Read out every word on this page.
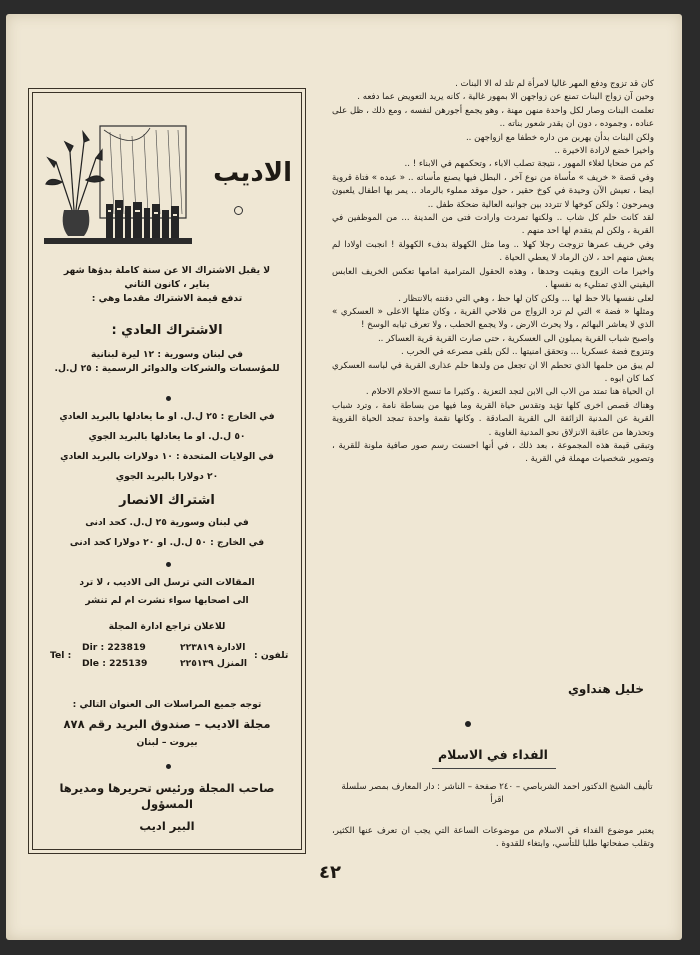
كان قد تزوج ودفع المهر غاليا لامرأة لم تلد له الا البنات .

وحين آن زواج البنات تمنع عن زواجهن الا بمهور غالية ، كانه يريد التعويض عما دفعه .

تعلمت البنات وصار لكل واحدة منهن مهنة ، وهو يجمع أجورهن لنفسه ، ومع ذلك ، ظل على عناده ، وجموده ، دون ان يقدر شعور بناته ..

ولكن البنات بدأن يهربن من داره خطفا مع ازواجهن ..

واخيرا خضع لارادة الاخيرة ..

كم من ضحايا لغلاء المهور ، نتيجة تصلب الاباء ، وتحكمهم في الابناء ! ..

وفي قصة « خريف » مأساة من نوع آخر ، البطل فيها يصنع مأساته .. « عبده » فتاة قروية ايضا ، تعيش الآن وحيدة في كوخ حقير ، حول موقد مملوء بالرماد .. يمر بها اطفال يلعبون ويمرحون : ولكن كوخها لا تتردد بين جوانبه العالية ضحكة طفل ..

لقد كانت حلم كل شاب .. ولكنها تمردت وارادت فتى من المدينة ... من الموظفين في القرية ، ولكن لم يتقدم لها احد منهم .

وفي خريف عمرها تزوجت رجلا كهلا .. وما مثل الكهولة بدفء الكهولة ! انجبت اولادا لم يعش منهم احد ، لان الرماد لا يعطي الحياة .

واخيرا مات الزوج وبقيت وحدها ، وهذه الحقول المترامية امامها تعكس الخريف العابس اليقيني الذي تمتليء به نفسها .

لعلى نفسها بالا حظ لها ... ولكن كان لها حظ ، وهي التي دفنته بالانتظار .

ومثلها « فضة » التي لم ترد الزواج من فلاحي القرية ، وكان مثلها الاعلى « العسكري » الذي لا يعاشر البهائم ، ولا يحرث الارض ، ولا يجمع الحطب ، ولا تعرف ثيابه الوسخ !

واصبح شباب القرية يميلون الى العسكرية ، حتى صارت القرية قرية العساكر ..

وتتزوج فضة عسكريا ... وتحقق امنيتها .. لكن بلقى مصرعه في الحرب .

لم يبق من حلمها الذي تحطم الا ان تجعل من ولدها حلم عذارى القرية في لباسه العسكري كما كان ابوه .

ان الحياة هنا تمتد من الاب الى الابن لتجد التعزية . وكثيرا ما تنسج الاحلام الاحلام .

وهناك قصص اخرى كلها تؤيد وتقدس حياة القرية وما فيها من بساطة نامة ، وترد شباب القرية عن المدنية الزائفة الى القرية الصادقة . وكانها نقمة واحدة تمجد الحياة القروية وتحذرها من عاقبة الانزلاق نحو المدنية الغاوية .

وتبقى قيمة هذه المجموعة ، بعد ذلك ، في أنها احسنت رسم صور صافية ملونة للقرية ، وتصوير شخصيات مهملة في القرية .

خليل هنداوي
الفداء في الاسلام
تأليف الشيخ الدكتور احمد الشرباصي – ٢٤٠ صفحة – الناشر : دار المعارف بمصر سلسلة اقرأ
يعتبر موضوع الفداء في الاسلام من موضوعات الساعة التي يجب ان تعرف عنها الكثير، وتقلب صفحاتها طلبا للتأسي، وابتغاء للقدوة .
الاديب
لا يقبل الاشتراك الا عن سنة كاملة بدؤها شهر
يناير ، كانون الثاني
تدفع قيمة الاشتراك مقدما وهي :
الاشتراك العادي :
في لبنان وسورية : ١٢ ليرة لبنانية
للمؤسسات والشركات والدوائر الرسمية : ٢٥ ل.ل.
في الخارج : ٢٥ ل.ل. او ما يعادلها بالبريد العادي
٥٠ ل.ل. او ما يعادلها بالبريد الجوي
في الولايات المتحدة : ١٠ دولارات بالبريد العادي
٢٠ دولارا بالبريد الجوي
اشتراك الانصار
في لبنان وسورية ٢٥ ل.ل. كحد ادنى
في الخارج : ٥٠ ل.ل. او ٢٠ دولارا كحد ادنى
المقالات التي ترسل الى الاديب ، لا ترد
الى اصحابها سواء نشرت ام لم تنشر
للاعلان تراجع ادارة المجلة
الادارة ٢٢٣٨١٩
المنزل ٢٢٥١٣٩
تلفون :
Dir : 223819
Dle : 225139
Tel :
توجه جميع المراسلات الى العنوان التالي :
مجلة الاديب – صندوق البريد رقم ٨٧٨
بيروت – لبنان
صاحب المجلة ورئيس تحريرها ومديرها المسؤول
البير اديب
٤٢
